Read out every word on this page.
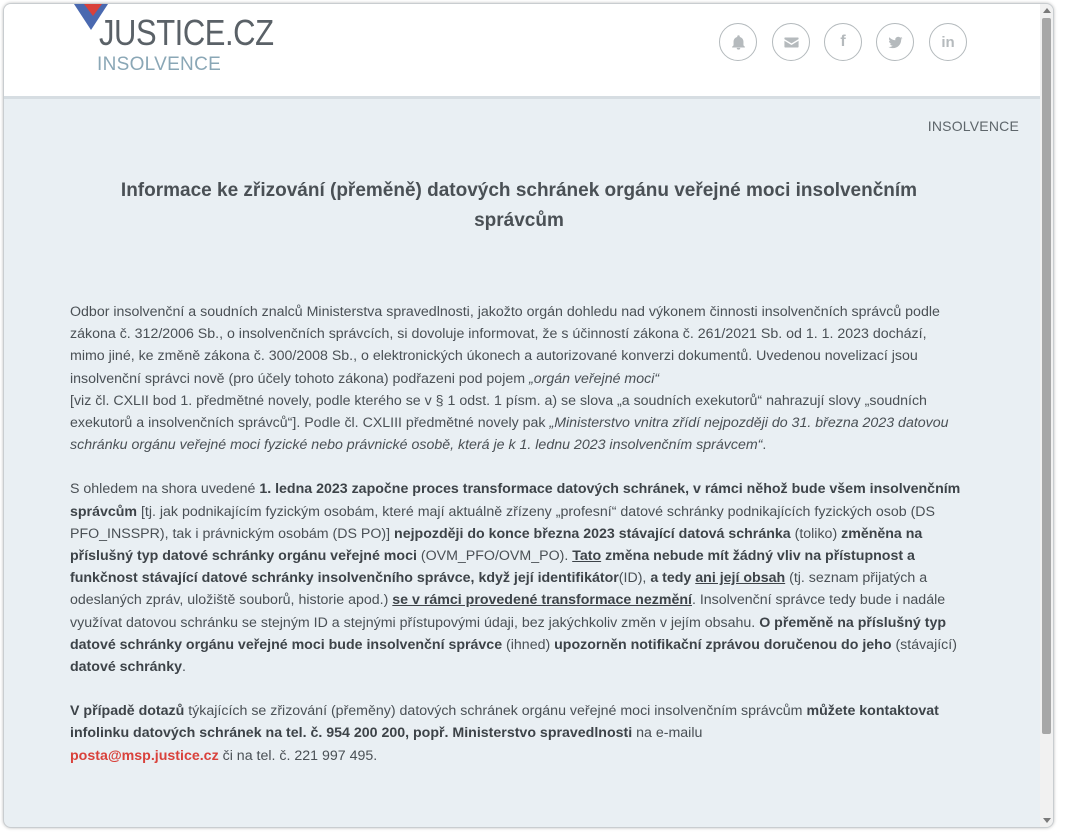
JUSTICE.CZ
INSOLVENCE
f	in
INSOLVENCE
Informace ke zřizování (přeměně) datových schránek orgánu veřejné moci insolvenčním správcům

Odbor insolvenční a soudních znalců Ministerstva spravedlnosti, jakožto orgán dohledu nad výkonem činnosti insolvenčních správců podle zákona č. 312/2006 Sb., o insolvenčních správcích, si dovoluje informovat, že s účinností zákona č. 261/2021 Sb. od 1. 1. 2023 dochází, mimo jiné, ke změně zákona č. 300/2008 Sb., o elektronických úkonech a autorizované konverzi dokumentů. Uvedenou novelizací jsou insolvenční správci nově (pro účely tohoto zákona) podřazeni pod pojem „orgán veřejné moci“
[viz čl. CXLII bod 1. předmětné novely, podle kterého se v § 1 odst. 1 písm. a) se slova „a soudních exekutorů“ nahrazují slovy „soudních exekutorů a insolvenčních správců“]. Podle čl. CXLIII předmětné novely pak „Ministerstvo vnitra zřídí nejpozději do 31. března 2023 datovou schránku orgánu veřejné moci fyzické nebo právnické osobě, která je k 1. lednu 2023 insolvenčním správcem“.

S ohledem na shora uvedené 1. ledna 2023 započne proces transformace datových schránek, v rámci něhož bude všem insolvenčním správcům [tj. jak podnikajícím fyzickým osobám, které mají aktuálně zřízeny „profesní“ datové schránky podnikajících fyzických osob (DS PFO_INSSPR), tak i právnickým osobám (DS PO)] nejpozději do konce března 2023 stávající datová schránka (toliko) změněna na příslušný typ datové schránky orgánu veřejné moci (OVM_PFO/OVM_PO). Tato změna nebude mít žádný vliv na přístupnost a funkčnost stávající datové schránky insolvenčního správce, když její identifikátor(ID), a tedy ani její obsah (tj. seznam přijatých a odeslaných zpráv, uložiště souborů, historie apod.) se v rámci provedené transformace nezmění. Insolvenční správce tedy bude i nadále využívat datovou schránku se stejným ID a stejnými přístupovými údaji, bez jakýchkoliv změn v jejím obsahu. O přeměně na příslušný typ datové schránky orgánu veřejné moci bude insolvenční správce (ihned) upozorněn notifikační zprávou doručenou do jeho (stávající) datové schránky.

V případě dotazů týkajících se zřizování (přeměny) datových schránek orgánu veřejné moci insolvenčním správcům můžete kontaktovat infolinku datových schránek na tel. č. 954 200 200, popř. Ministerstvo spravedlnosti na e-mailu
posta@msp.justice.cz či na tel. č. 221 997 495.
